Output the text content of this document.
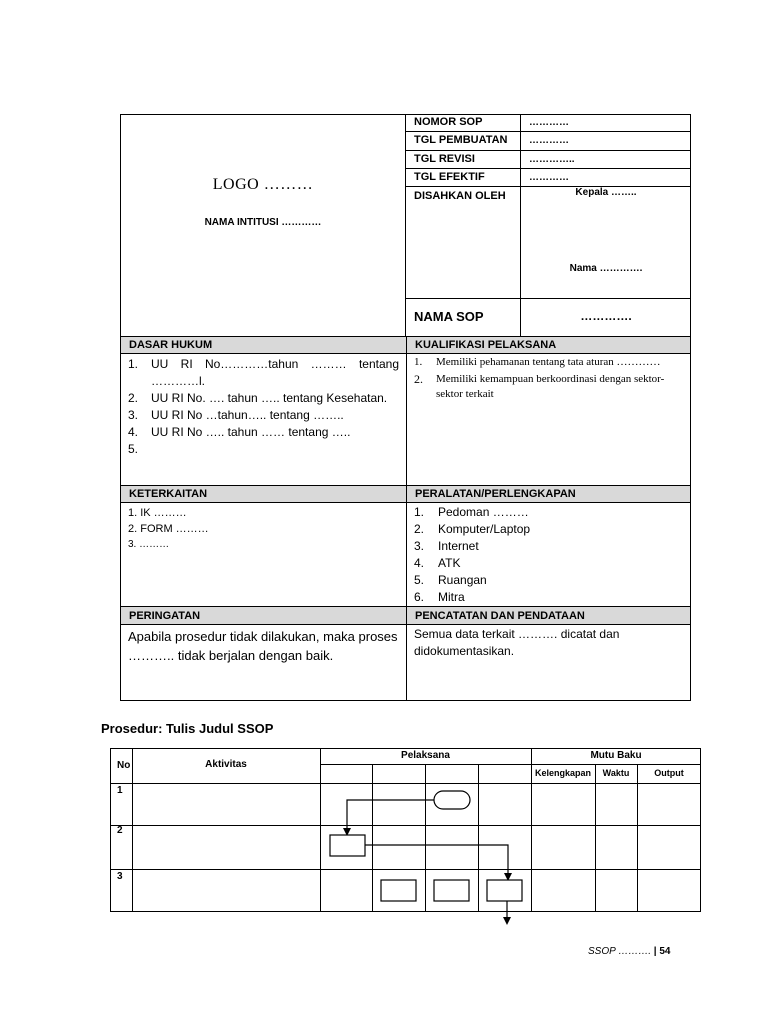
LOGO ………
NAMA INTITUSI …………
NOMOR SOP	…………
TGL PEMBUATAN	…………
TGL REVISI	…………..
TGL EFEKTIF	…………
DISAHKAN OLEH	Kepala ……..
Nama ………….
NAMA SOP	………….
DASAR HUKUM	KUALIFIKASI PELAKSANA
1.	UU RI No…………tahun ……… tentang …………l.
2.	UU RI No. …. tahun ….. tentang Kesehatan.
3.	UU RI No …tahun….. tentang ……..
4.	UU RI No ….. tahun …… tentang …..
5.
1.	Memiliki pehamanan tentang tata aturan …………
2.	Memiliki kemampuan berkoordinasi dengan sektor-sektor terkait
KETERKAITAN	PERALATAN/PERLENGKAPAN
1. IK ………
2. FORM ………
3. ………
1.	Pedoman ………
2.	Komputer/Laptop
3.	Internet
4.	ATK
5.	Ruangan
6.	Mitra
PERINGATAN	PENCATATAN DAN PENDATAAN
Apabila prosedur tidak dilakukan, maka proses ……….. tidak berjalan dengan baik.
Semua data terkait ………. dicatat dan didokumentasikan.
Prosedur: Tulis Judul SSOP
No	Aktivitas
Pelaksana	Mutu Baku
Kelengkapan	Waktu	Output
1
2
3
SSOP ………. | 54
